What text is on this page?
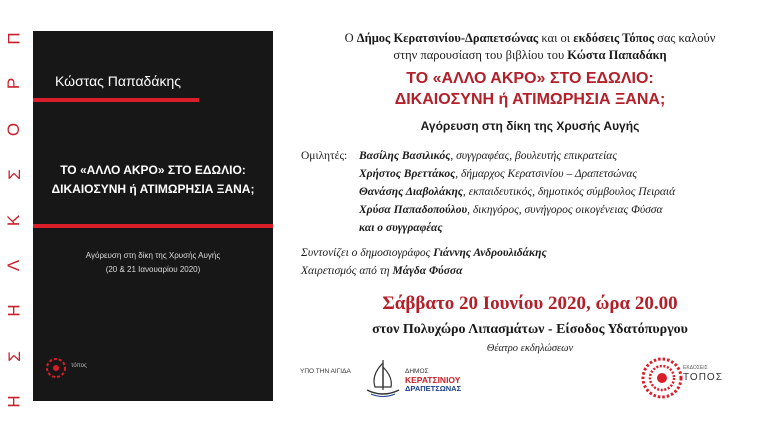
Π
Ρ
Ο
Σ
Κ
Λ
Η
Σ
Η
Κώστας Παπαδάκης
ΤΟ «ΑΛΛΟ ΑΚΡΟ» ΣΤΟ ΕΔΩΛΙΟ:
ΔΙΚΑΙΟΣΥΝΗ ή ΑΤΙΜΩΡΗΣΙΑ ΞΑΝΑ;
Αγόρευση στη δίκη της Χρυσής Αυγής
(20 & 21 Ιανουαρίου 2020)
τόπος
Ο Δήμος Κερατσινίου-Δραπετσώνας και οι εκδόσεις Τόπος σας καλούν
στην παρουσίαση του βιβλίου του Κώστα Παπαδάκη
ΤΟ «ΑΛΛΟ ΑΚΡΟ» ΣΤΟ ΕΔΩΛΙΟ:
ΔΙΚΑΙΟΣΥΝΗ ή ΑΤΙΜΩΡΗΣΙΑ ΞΑΝΑ;
Αγόρευση στη δίκη της Χρυσής Αυγής
Ομιλητές: Βασίλης Βασιλικός, συγγραφέας, βουλευτής επικρατείας
Χρήστος Βρεττάκος, δήμαρχος Κερατσινίου – Δραπετσώνας
Θανάσης Διαβολάκης, εκπαιδευτικός, δημοτικός σύμβουλος Πειραιά
Χρύσα Παπαδοπούλου, δικηγόρος, συνήγορος οικογένειας Φύσσα
και ο συγγραφέας
Συντονίζει ο δημοσιογράφος Γιάννης Ανδρουλιδάκης
Χαιρετισμός από τη Μάγδα Φύσσα
Σάββατο 20 Ιουνίου 2020, ώρα 20.00
στον Πολυχώρο Λιπασμάτων - Είσοδος Υδατόπυργου
Θέατρο εκδηλώσεων
ΥΠΟ ΤΗΝ ΑΙΓΙΔΑ	ΔΗΜΟΣ
ΚΕΡΑΤΣΙΝΙΟΥ
ΔΡΑΠΕΤΣΩΝΑΣ
ΕΚΔΟΣΕΙΣ
ΤΟΠΟΣ
